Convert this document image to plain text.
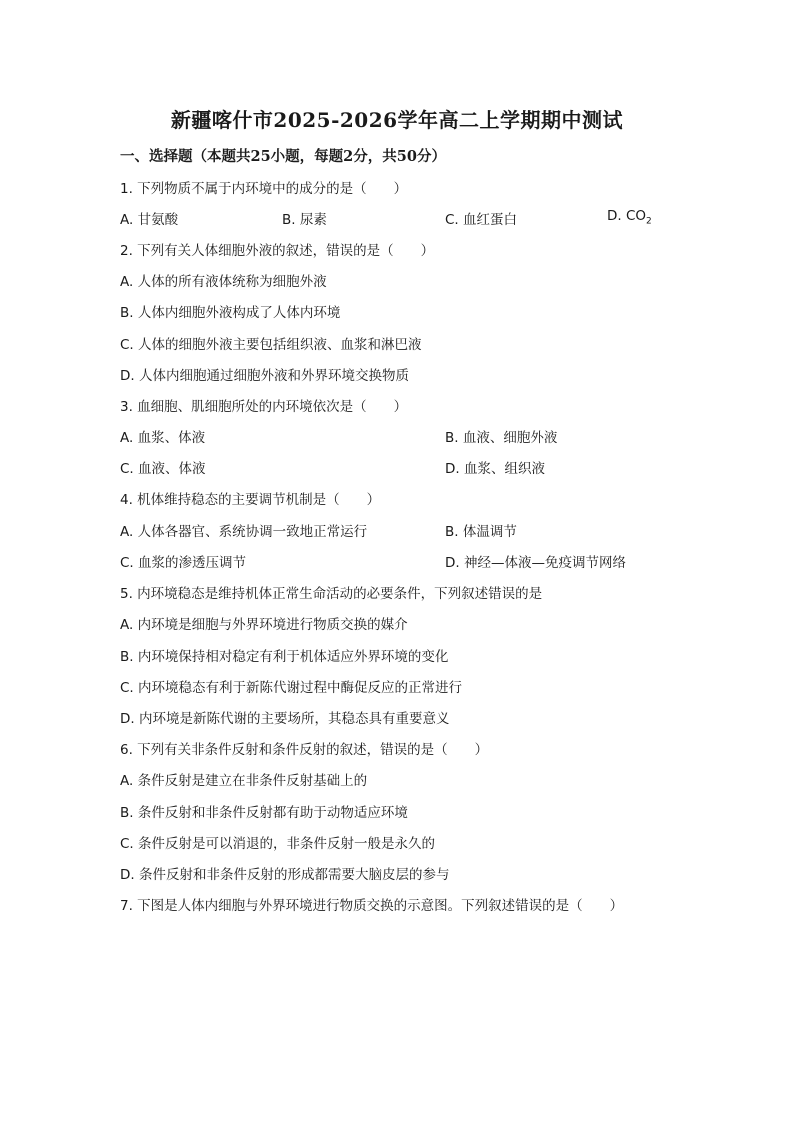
新疆喀什市2025-2026学年高二上学期期中测试
一、选择题（本题共25小题，每题2分，共50分）
1. 下列物质不属于内环境中的成分的是（　　）
A. 甘氨酸	B. 尿素	C. 血红蛋白	D. $CO_2$
2. 下列有关人体细胞外液的叙述，错误的是（　　）
A. 人体的所有液体统称为细胞外液
B. 人体内细胞外液构成了人体内环境
C. 人体的细胞外液主要包括组织液、血浆和淋巴液
D. 人体内细胞通过细胞外液和外界环境交换物质
3. 血细胞、肌细胞所处的内环境依次是（　　）
A. 血浆、体液	B. 血液、细胞外液
C. 血液、体液	D. 血浆、组织液
4. 机体维持稳态的主要调节机制是（　　）
A. 人体各器官、系统协调一致地正常运行	B. 体温调节
C. 血浆的渗透压调节	D. 神经—体液—免疫调节网络
5. 内环境稳态是维持机体正常生命活动的必要条件，下列叙述错误的是
A. 内环境是细胞与外界环境进行物质交换的媒介
B. 内环境保持相对稳定有利于机体适应外界环境的变化
C. 内环境稳态有利于新陈代谢过程中酶促反应的正常进行
D. 内环境是新陈代谢的主要场所，其稳态具有重要意义
6. 下列有关非条件反射和条件反射的叙述，错误的是（　　）
A. 条件反射是建立在非条件反射基础上的
B. 条件反射和非条件反射都有助于动物适应环境
C. 条件反射是可以消退的，非条件反射一般是永久的
D. 条件反射和非条件反射的形成都需要大脑皮层的参与
7. 下图是人体内细胞与外界环境进行物质交换的示意图。下列叙述错误的是（　　）
